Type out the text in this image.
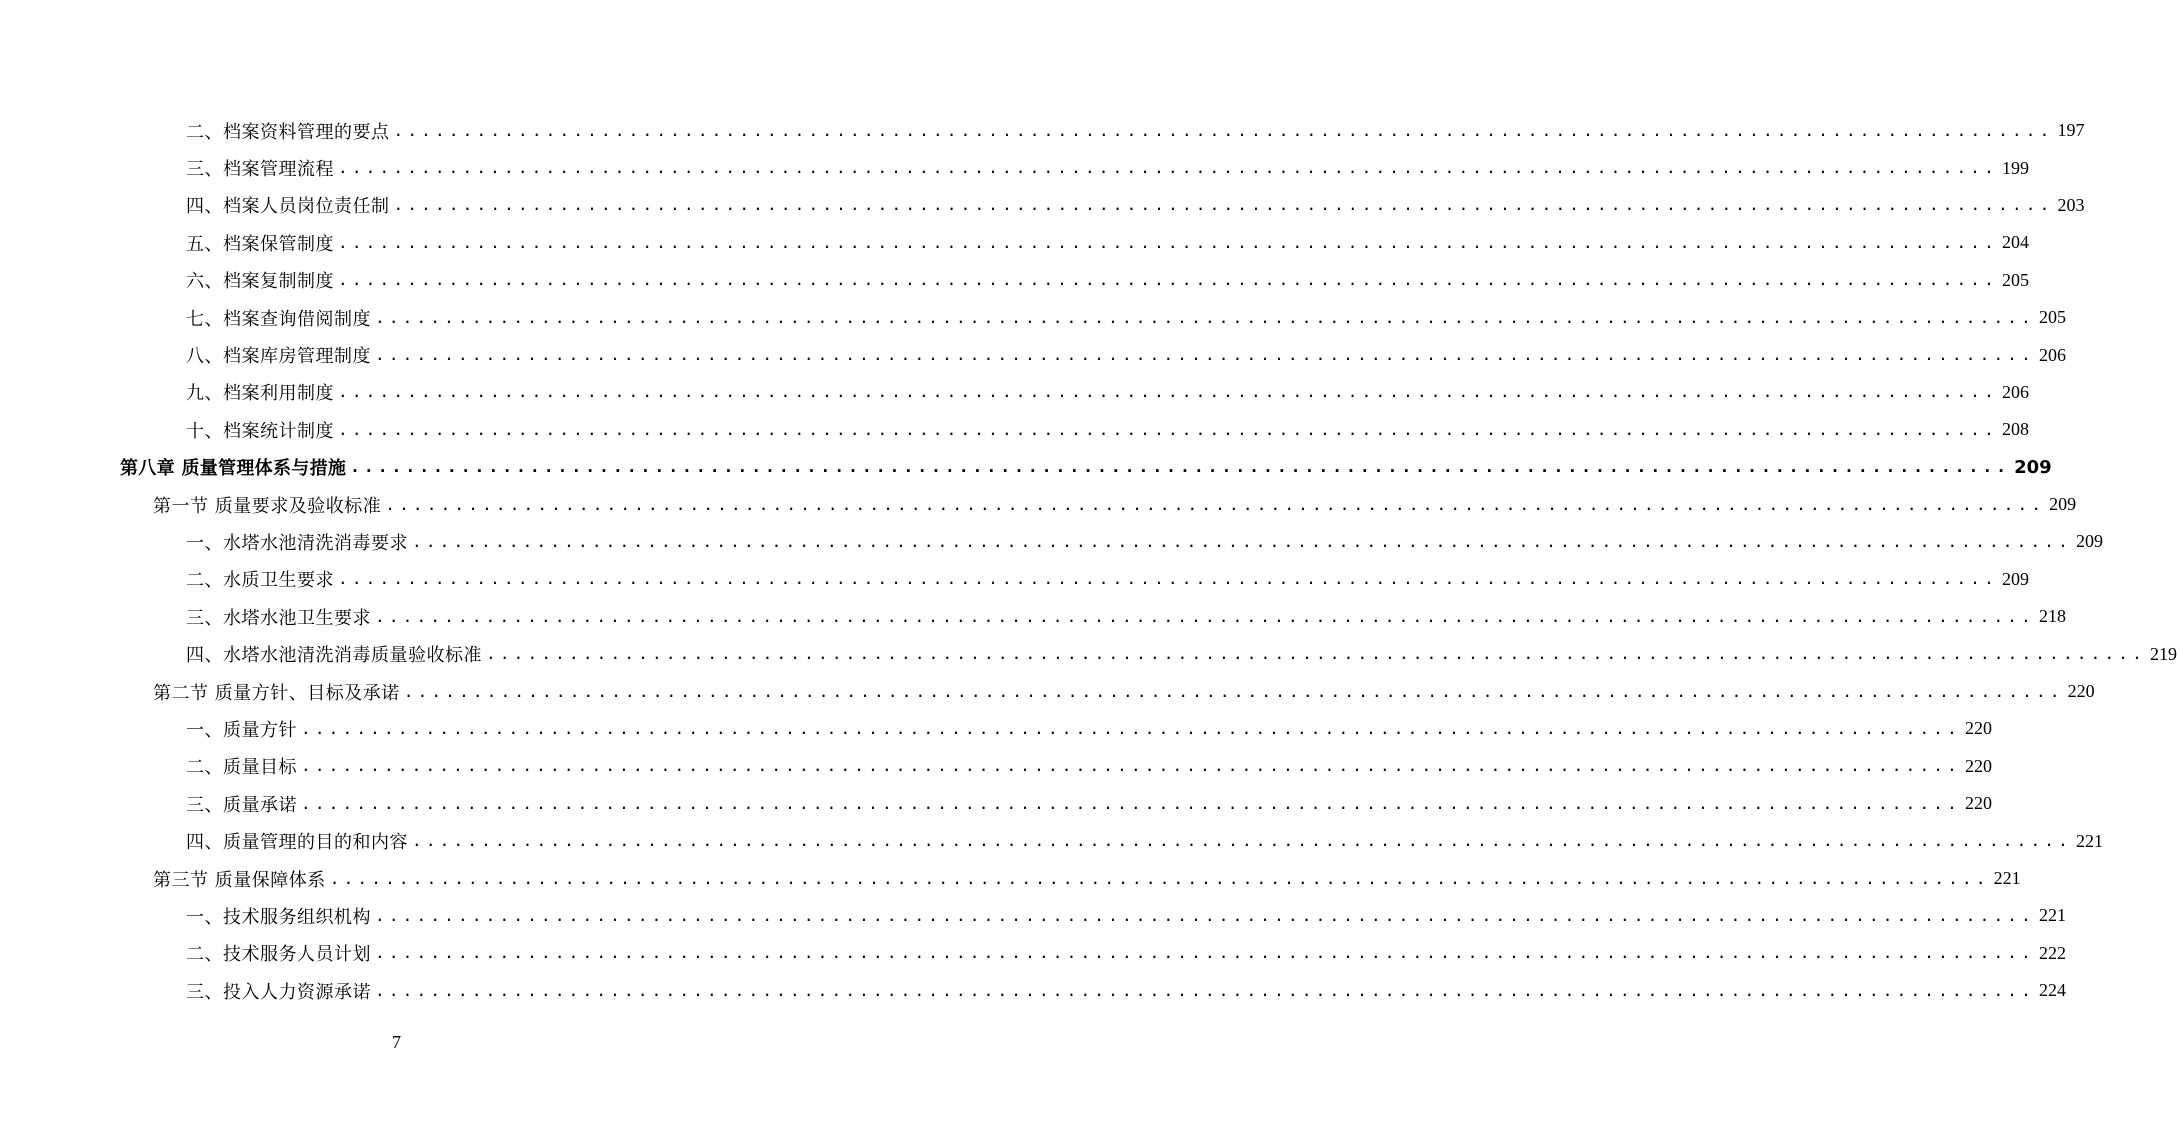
二、档案资料管理的要点 ........................................................................................................................ 197
三、档案管理流程 ........................................................................................................................ 199
四、档案人员岗位责任制 ........................................................................................................................ 203
五、档案保管制度 ........................................................................................................................ 204
六、档案复制制度 ........................................................................................................................ 205
七、档案查询借阅制度 ........................................................................................................................ 205
八、档案库房管理制度 ........................................................................................................................ 206
九、档案利用制度 ........................................................................................................................ 206
十、档案统计制度 ........................................................................................................................ 208
第八章 质量管理体系与措施 ........................................................................................................................ 209
第一节 质量要求及验收标准 ........................................................................................................................ 209
一、水塔水池清洗消毒要求 ........................................................................................................................ 209
二、水质卫生要求 ........................................................................................................................ 209
三、水塔水池卫生要求 ........................................................................................................................ 218
四、水塔水池清洗消毒质量验收标准 ........................................................................................................................ 219
第二节 质量方针、目标及承诺 ........................................................................................................................ 220
一、质量方针 ........................................................................................................................ 220
二、质量目标 ........................................................................................................................ 220
三、质量承诺 ........................................................................................................................ 220
四、质量管理的目的和内容 ........................................................................................................................ 221
第三节 质量保障体系 ........................................................................................................................ 221
一、技术服务组织机构 ........................................................................................................................ 221
二、技术服务人员计划 ........................................................................................................................ 222
三、投入人力资源承诺 ........................................................................................................................ 224
7
